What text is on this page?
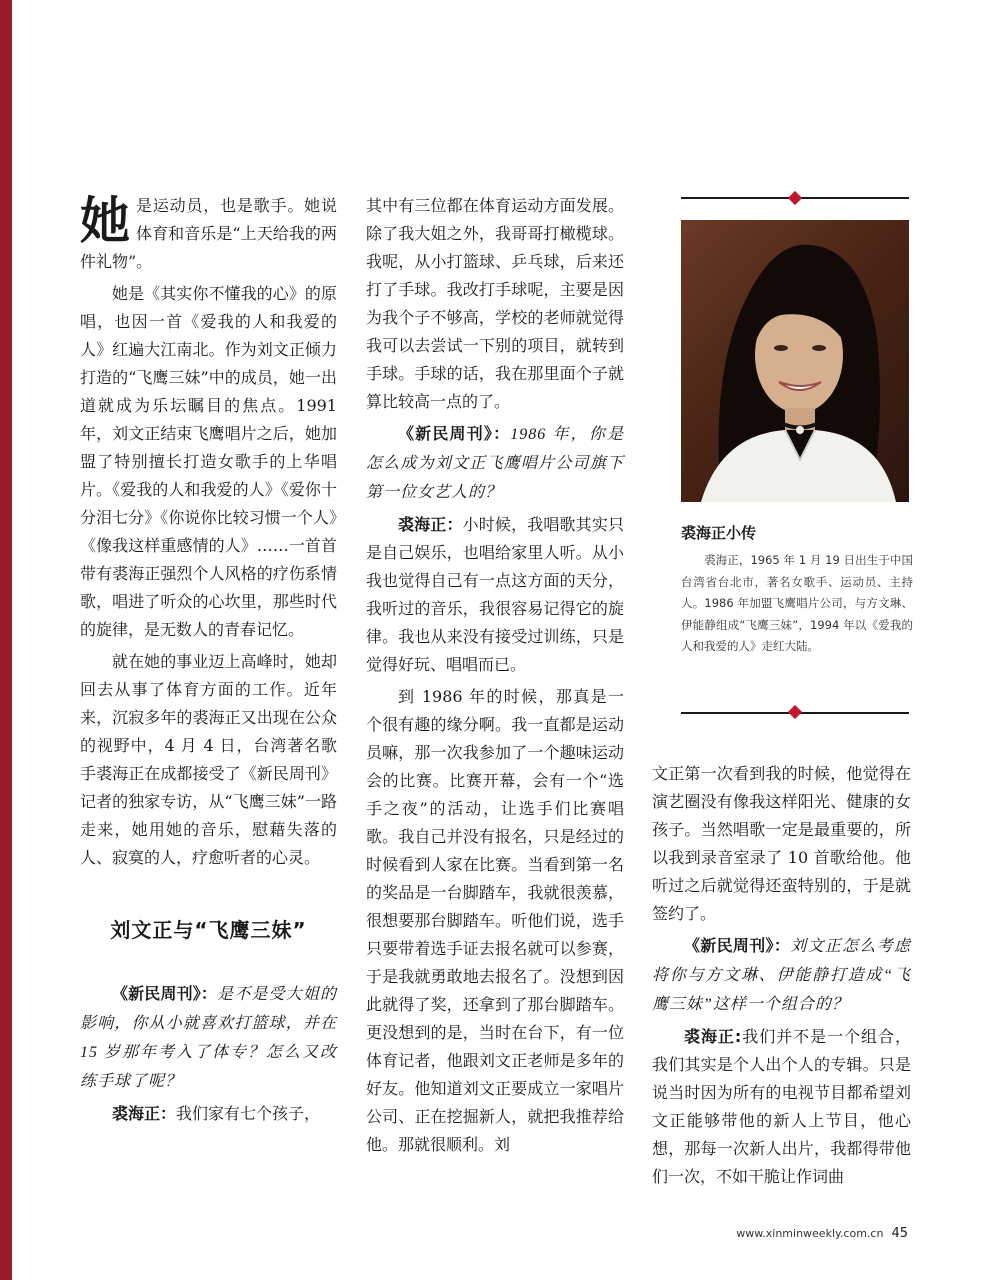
她是运动员，也是歌手。她说体育和音乐是“上天给我的两件礼物”。

她是《其实你不懂我的心》的原唱，也因一首《爱我的人和我爱的人》红遍大江南北。作为刘文正倾力打造的“飞鹰三妹”中的成员，她一出道就成为乐坛瞩目的焦点。1991 年，刘文正结束飞鹰唱片之后，她加盟了特别擅长打造女歌手的上华唱片。《爱我的人和我爱的人》《爱你十分泪七分》《你说你比较习惯一个人》《像我这样重感情的人》……一首首带有裘海正强烈个人风格的疗伤系情歌，唱进了听众的心坎里，那些时代的旋律，是无数人的青春记忆。

就在她的事业迈上高峰时，她却回去从事了体育方面的工作。近年来，沉寂多年的裘海正又出现在公众的视野中，4 月 4 日，台湾著名歌手裘海正在成都接受了《新民周刊》记者的独家专访，从“飞鹰三妹”一路走来，她用她的音乐，慰藉失落的人、寂寞的人，疗愈听者的心灵。

刘文正与“飞鹰三妹”

《新民周刊》：是不是受大姐的影响，你从小就喜欢打篮球，并在 15 岁那年考入了体专？怎么又改练手球了呢？

裘海正：我们家有七个孩子，

其中有三位都在体育运动方面发展。除了我大姐之外，我哥哥打橄榄球。我呢，从小打篮球、乒乓球，后来还打了手球。我改打手球呢，主要是因为我个子不够高，学校的老师就觉得我可以去尝试一下别的项目，就转到手球。手球的话，我在那里面个子就算比较高一点的了。

《新民周刊》：1986 年，你是怎么成为刘文正飞鹰唱片公司旗下第一位女艺人的？

裘海正：小时候，我唱歌其实只是自己娱乐，也唱给家里人听。从小我也觉得自己有一点这方面的天分，我听过的音乐，我很容易记得它的旋律。我也从来没有接受过训练，只是觉得好玩、唱唱而已。

到 1986 年的时候，那真是一个很有趣的缘分啊。我一直都是运动员嘛，那一次我参加了一个趣味运动会的比赛。比赛开幕，会有一个“选手之夜”的活动，让选手们比赛唱歌。我自己并没有报名，只是经过的时候看到人家在比赛。当看到第一名的奖品是一台脚踏车，我就很羡慕，很想要那台脚踏车。听他们说，选手只要带着选手证去报名就可以参赛，于是我就勇敢地去报名了。没想到因此就得了奖，还拿到了那台脚踏车。更没想到的是，当时在台下，有一位体育记者，他跟刘文正老师是多年的好友。他知道刘文正要成立一家唱片公司、正在挖掘新人，就把我推荐给他。那就很顺利。刘

裘海正小传
裘海正，1965 年 1 月 19 日出生于中国台湾省台北市，著名女歌手、运动员、主持人。1986 年加盟飞鹰唱片公司，与方文琳、伊能静组成“飞鹰三妹”，1994 年以《爱我的人和我爱的人》走红大陆。

文正第一次看到我的时候，他觉得在演艺圈没有像我这样阳光、健康的女孩子。当然唱歌一定是最重要的，所以我到录音室录了 10 首歌给他。他听过之后就觉得还蛮特别的，于是就签约了。

《新民周刊》：刘文正怎么考虑将你与方文琳、伊能静打造成“飞鹰三妹”这样一个组合的？

裘海正:我们并不是一个组合，我们其实是个人出个人的专辑。只是说当时因为所有的电视节目都希望刘文正能够带他的新人上节目，他心想，那每一次新人出片，我都得带他们一次，不如干脆让作词曲

www.xinminweekly.com.cn 45
